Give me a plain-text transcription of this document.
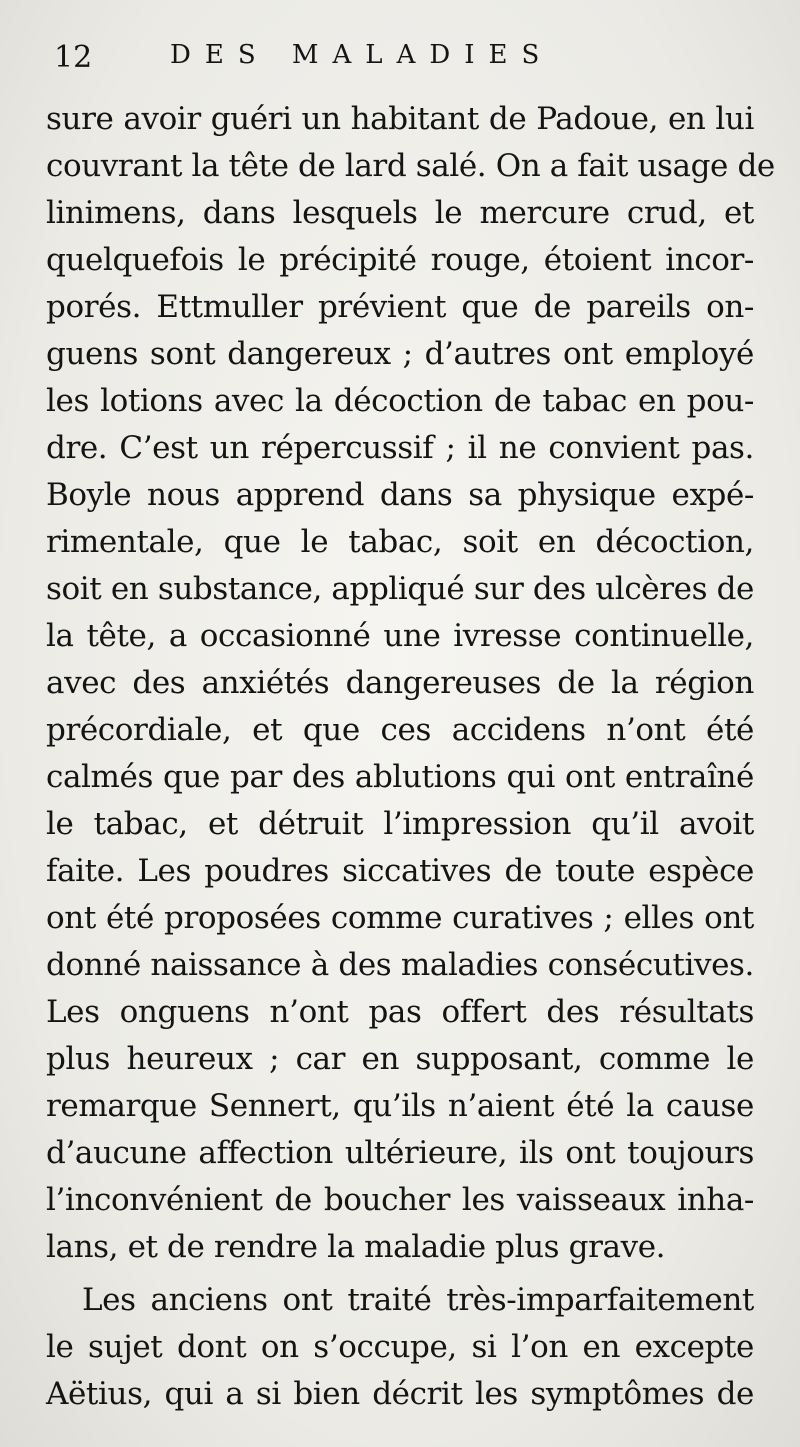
12	DES MALADIES
sure avoir guéri un habitant de Padoue, en lui
couvrant la tête de lard salé. On a fait usage de
linimens, dans lesquels le mercure crud, et
quelquefois le précipité rouge, étoient incor-
porés. Ettmuller prévient que de pareils on-
guens sont dangereux ; d’autres ont employé
les lotions avec la décoction de tabac en pou-
dre. C’est un répercussif ; il ne convient pas.
Boyle nous apprend dans sa physique expé-
rimentale, que le tabac, soit en décoction,
soit en substance, appliqué sur des ulcères de
la tête, a occasionné une ivresse continuelle,
avec des anxiétés dangereuses de la région
précordiale, et que ces accidens n’ont été
calmés que par des ablutions qui ont entraîné
le tabac, et détruit l’impression qu’il avoit
faite. Les poudres siccatives de toute espèce
ont été proposées comme curatives ; elles ont
donné naissance à des maladies consécutives.
Les onguens n’ont pas offert des résultats
plus heureux ; car en supposant, comme le
remarque Sennert, qu’ils n’aient été la cause
d’aucune affection ultérieure, ils ont toujours
l’inconvénient de boucher les vaisseaux inha-
lans, et de rendre la maladie plus grave.
Les anciens ont traité très-imparfaitement
le sujet dont on s’occupe, si l’on en excepte
Aëtius, qui a si bien décrit les symptômes de
